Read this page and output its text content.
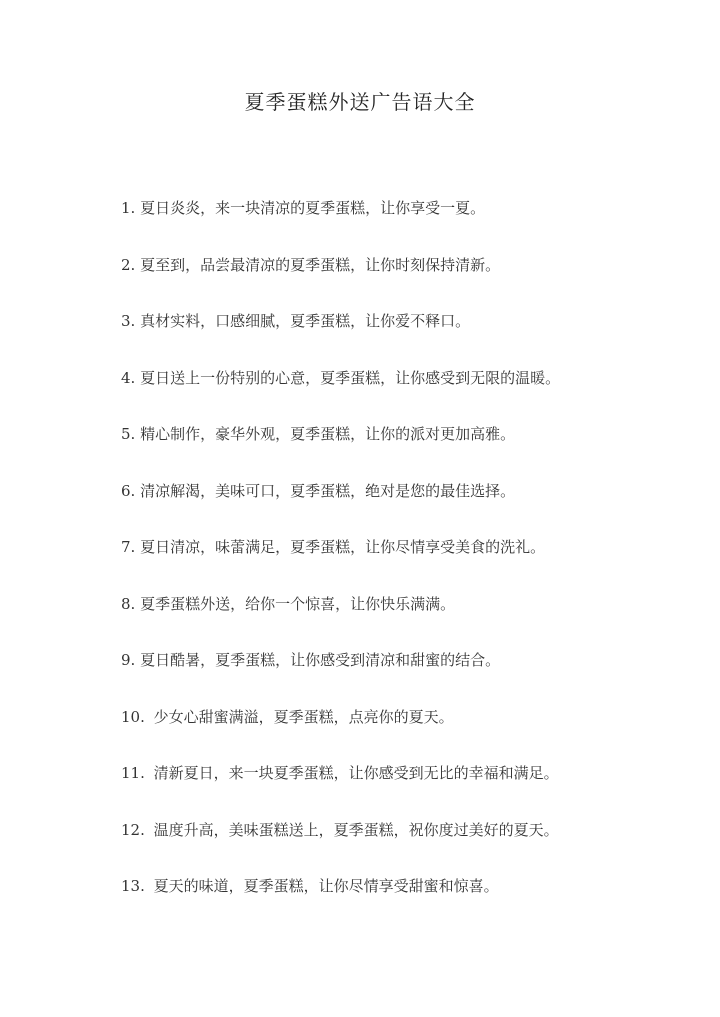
夏季蛋糕外送广告语大全
1. 夏日炎炎，来一块清凉的夏季蛋糕，让你享受一夏。
2. 夏至到，品尝最清凉的夏季蛋糕，让你时刻保持清新。
3. 真材实料，口感细腻，夏季蛋糕，让你爱不释口。
4. 夏日送上一份特别的心意，夏季蛋糕，让你感受到无限的温暖。
5. 精心制作，豪华外观，夏季蛋糕，让你的派对更加高雅。
6. 清凉解渴，美味可口，夏季蛋糕，绝对是您的最佳选择。
7. 夏日清凉，味蕾满足，夏季蛋糕，让你尽情享受美食的洗礼。
8. 夏季蛋糕外送，给你一个惊喜，让你快乐满满。
9. 夏日酷暑，夏季蛋糕，让你感受到清凉和甜蜜的结合。
10. 少女心甜蜜满溢，夏季蛋糕，点亮你的夏天。
11. 清新夏日，来一块夏季蛋糕，让你感受到无比的幸福和满足。
12. 温度升高，美味蛋糕送上，夏季蛋糕，祝你度过美好的夏天。
13. 夏天的味道，夏季蛋糕，让你尽情享受甜蜜和惊喜。
